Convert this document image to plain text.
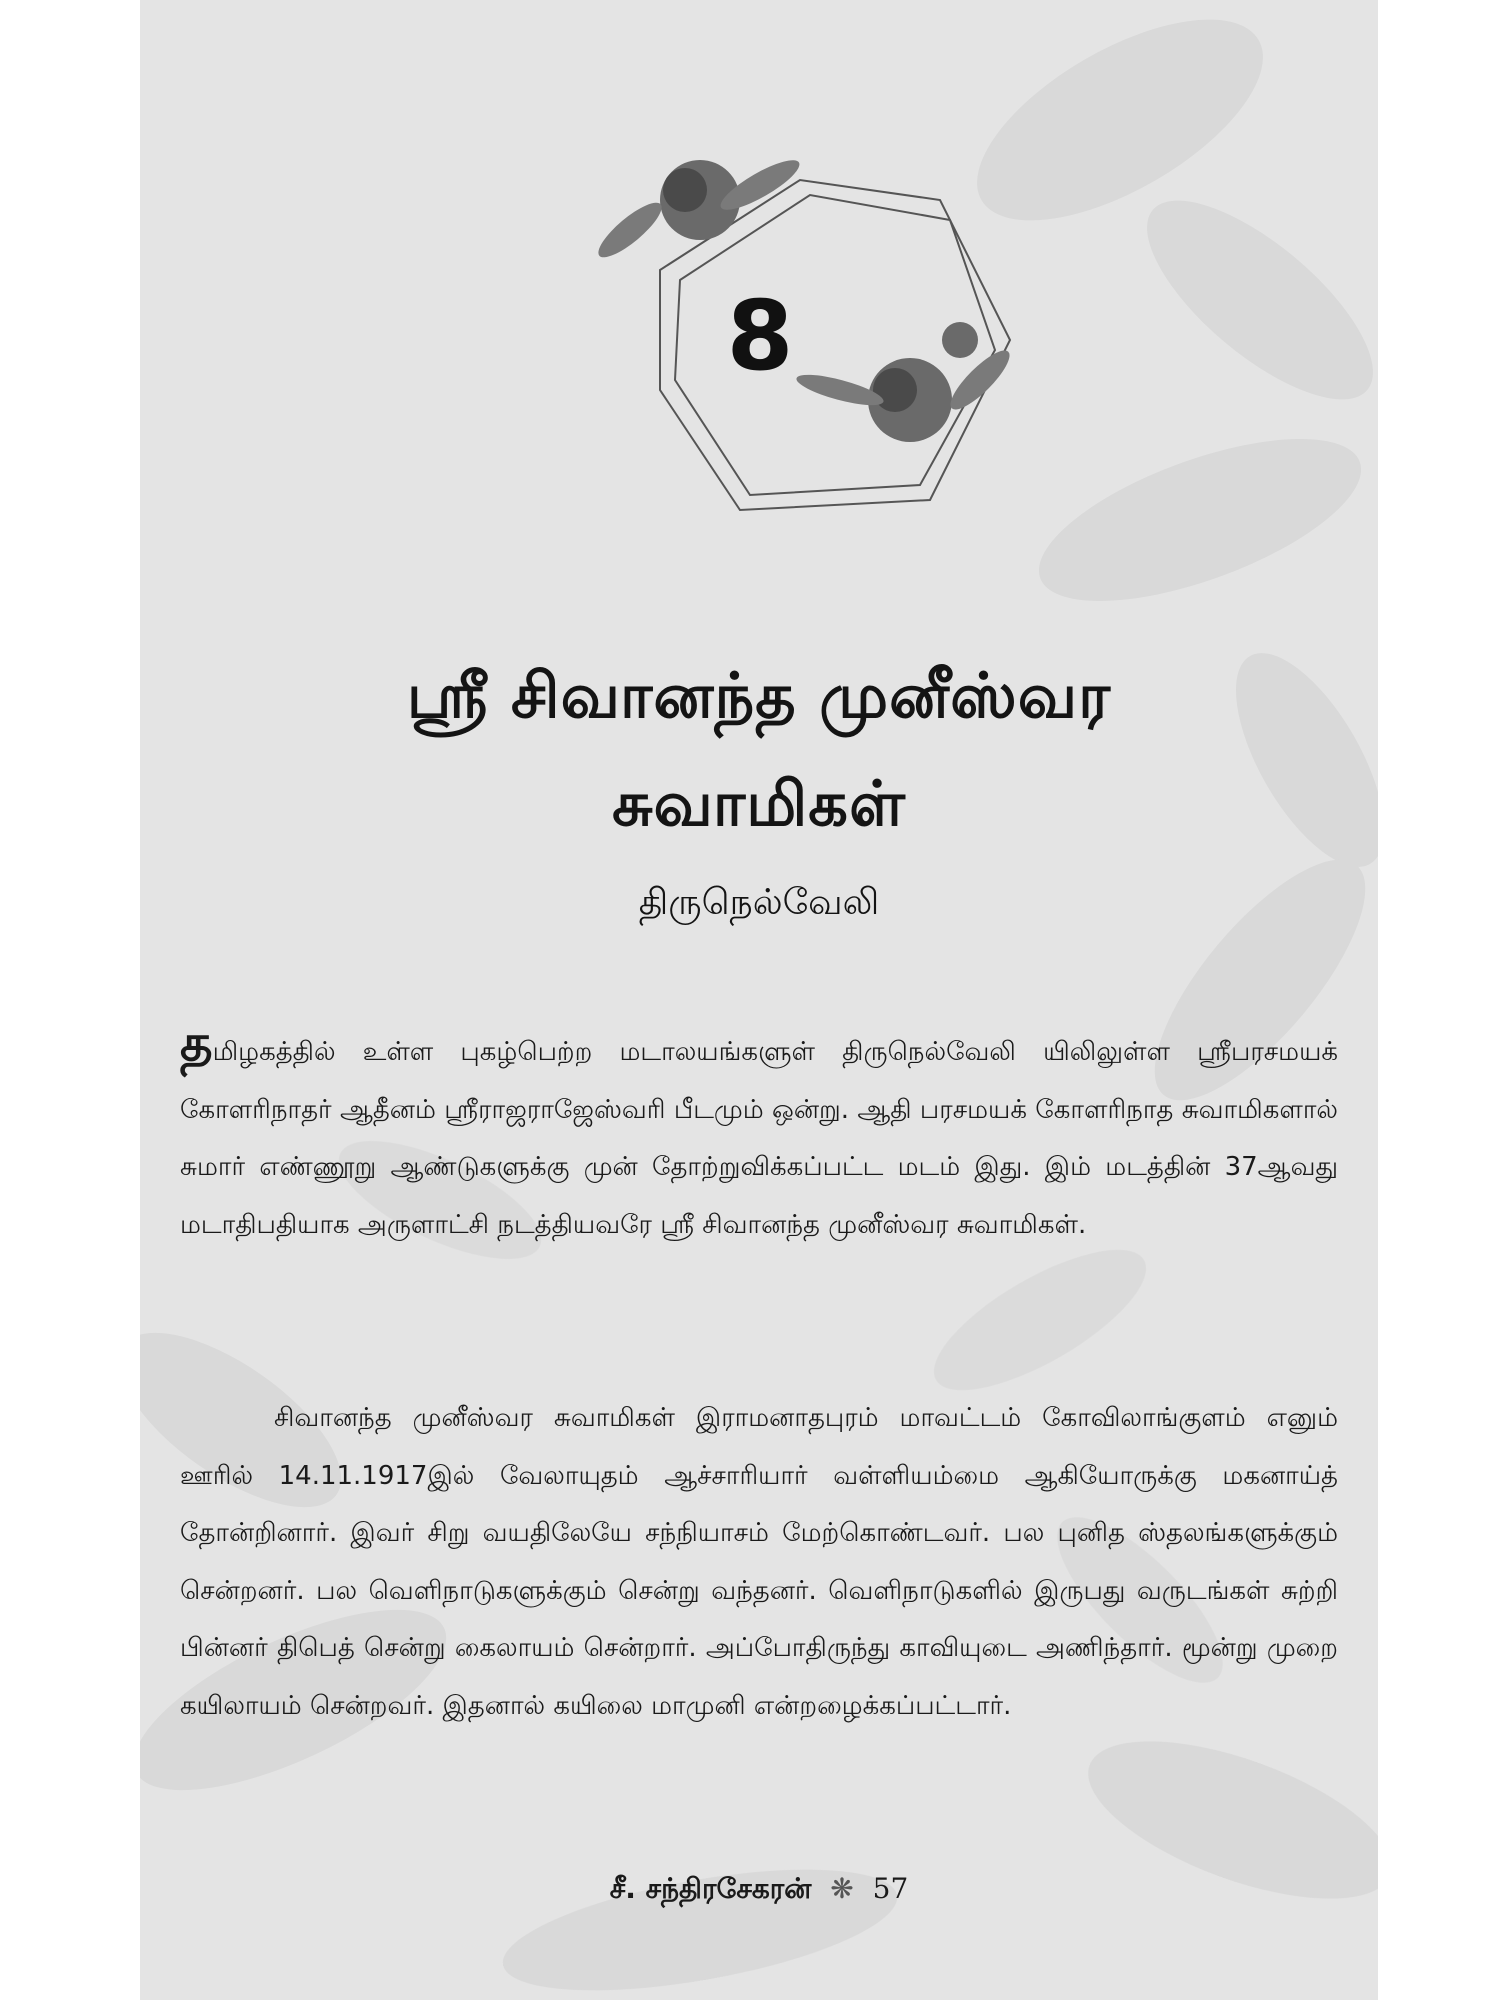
8
ஸ்ரீ சிவானந்த முனீஸ்வர
சுவாமிகள்
திருநெல்வேலி

தமிழகத்தில் உள்ள புகழ்பெற்ற மடாலயங்களுள் திருநெல்வேலி யிலிலுள்ள ஸ்ரீபரசமயக் கோளரிநாதர் ஆதீனம் ஸ்ரீராஜராஜேஸ்வரி பீடமும் ஒன்று. ஆதி பரசமயக் கோளரிநாத சுவாமிகளால் சுமார் எண்ணூறு ஆண்டுகளுக்கு முன் தோற்றுவிக்கப்பட்ட மடம் இது. இம் மடத்தின் 37ஆவது மடாதிபதியாக அருளாட்சி நடத்தியவரே ஸ்ரீ சிவானந்த முனீஸ்வர சுவாமிகள்.

சிவானந்த முனீஸ்வர சுவாமிகள் இராமனாதபுரம் மாவட்டம் கோவிலாங்குளம் எனும் ஊரில் 14.11.1917இல் வேலாயுதம் ஆச்சாரியார் வள்ளியம்மை ஆகியோருக்கு மகனாய்த் தோன்றினார். இவர் சிறு வயதிலேயே சந்நியாசம் மேற்கொண்டவர். பல புனித ஸ்தலங்களுக்கும் சென்றனர். பல வெளிநாடுகளுக்கும் சென்று வந்தனர். வெளிநாடுகளில் இருபது வருடங்கள் சுற்றி பின்னர் திபெத் சென்று கைலாயம் சென்றார். அப்போதிருந்து காவியுடை அணிந்தார். மூன்று முறை கயிலாயம் சென்றவர். இதனால் கயிலை மாமுனி என்றழைக்கப்பட்டார்.

சீ. சந்திரசேகரன் ❋ 57
